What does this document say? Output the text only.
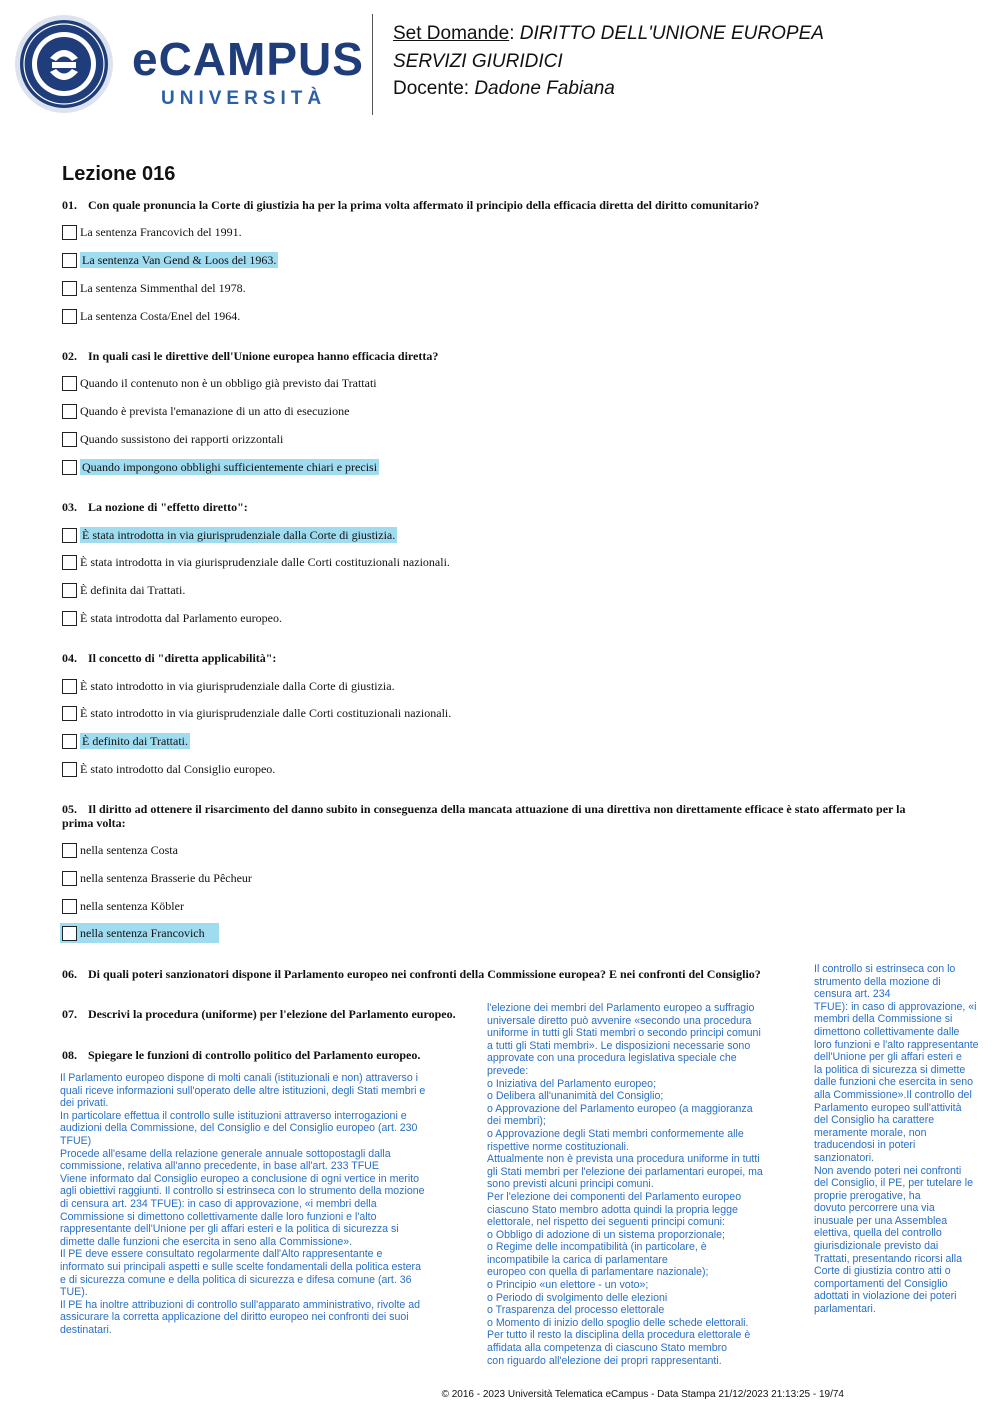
eCAMPUS
UNIVERSITÀ
Set Domande: DIRITTO DELL'UNIONE EUROPEA
SERVIZI GIURIDICI
Docente: Dadone Fabiana
Lezione 016
01. Con quale pronuncia la Corte di giustizia ha per la prima volta affermato il principio della efficacia diretta del diritto comunitario?
La sentenza Francovich del 1991.
La sentenza Van Gend & Loos del 1963.
La sentenza Simmenthal del 1978.
La sentenza Costa/Enel del 1964.
02. In quali casi le direttive dell'Unione europea hanno efficacia diretta?
Quando il contenuto non è un obbligo già previsto dai Trattati
Quando è prevista l'emanazione di un atto di esecuzione
Quando sussistono dei rapporti orizzontali
Quando impongono obblighi sufficientemente chiari e precisi
03. La nozione di "effetto diretto":
È stata introdotta in via giurisprudenziale dalla Corte di giustizia.
È stata introdotta in via giurisprudenziale dalle Corti costituzionali nazionali.
È definita dai Trattati.
È stata introdotta dal Parlamento europeo.
04. Il concetto di "diretta applicabilità":
È stato introdotto in via giurisprudenziale dalla Corte di giustizia.
È stato introdotto in via giurisprudenziale dalle Corti costituzionali nazionali.
È definito dai Trattati.
È stato introdotto dal Consiglio europeo.
05. Il diritto ad ottenere il risarcimento del danno subito in conseguenza della mancata attuazione di una direttiva non direttamente efficace è stato affermato per la prima volta:
nella sentenza Costa
nella sentenza Brasserie du Pêcheur
nella sentenza Köbler
nella sentenza Francovich
06. Di quali poteri sanzionatori dispone il Parlamento europeo nei confronti della Commissione europea? E nei confronti del Consiglio?
07. Descrivi la procedura (uniforme) per l'elezione del Parlamento europeo.
08. Spiegare le funzioni di controllo politico del Parlamento europeo.
Il Parlamento europeo dispone di molti canali (istituzionali e non) attraverso i
quali riceve informazioni sull'operato delle altre istituzioni, degli Stati membri e
dei privati.
In particolare effettua il controllo sulle istituzioni attraverso interrogazioni e
audizioni della Commissione, del Consiglio e del Consiglio europeo (art. 230
TFUE)
Procede all'esame della relazione generale annuale sottopostagli dalla
commissione, relativa all'anno precedente, in base all'art. 233 TFUE
Viene informato dal Consiglio europeo a conclusione di ogni vertice in merito
agli obiettivi raggiunti. Il controllo si estrinseca con lo strumento della mozione
di censura art. 234 TFUE): in caso di approvazione, «i membri della
Commissione si dimettono collettivamente dalle loro funzioni e l'alto
rappresentante dell'Unione per gli affari esteri e la politica di sicurezza si
dimette dalle funzioni che esercita in seno alla Commissione».
Il PE deve essere consultato regolarmente dall'Alto rappresentante e
informato sui principali aspetti e sulle scelte fondamentali della politica estera
e di sicurezza comune e della politica di sicurezza e difesa comune (art. 36
TUE).
Il PE ha inoltre attribuzioni di controllo sull'apparato amministrativo, rivolte ad
assicurare la corretta applicazione del diritto europeo nei confronti dei suoi
destinatari.
l'elezione dei membri del Parlamento europeo a suffragio
universale diretto può avvenire «secondo una procedura
uniforme in tutti gli Stati membri o secondo principi comuni
a tutti gli Stati membri». Le disposizioni necessarie sono
approvate con una procedura legislativa speciale che
prevede:
o Iniziativa del Parlamento europeo;
o Delibera all'unanimità del Consiglio;
o Approvazione del Parlamento europeo (a maggioranza
dei membri);
o Approvazione degli Stati membri conformemente alle
rispettive norme costituzionali.
Attualmente non è prevista una procedura uniforme in tutti
gli Stati membri per l'elezione dei parlamentari europei, ma
sono previsti alcuni principi comuni.
Per l'elezione dei componenti del Parlamento europeo
ciascuno Stato membro adotta quindi la propria legge
elettorale, nel rispetto dei seguenti principi comuni:
o Obbligo di adozione di un sistema proporzionale;
o Regime delle incompatibilità (in particolare, è
incompatibile la carica di parlamentare
europeo con quella di parlamentare nazionale);
o Principio «un elettore - un voto»;
o Periodo di svolgimento delle elezioni
o Trasparenza del processo elettorale
o Momento di inizio dello spoglio delle schede elettorali.
Per tutto il resto la disciplina della procedura elettorale è
affidata alla competenza di ciascuno Stato membro
con riguardo all'elezione dei propri rappresentanti.
Il controllo si estrinseca con lo
strumento della mozione di
censura art. 234
TFUE): in caso di approvazione, «i
membri della Commissione si
dimettono collettivamente dalle
loro funzioni e l'alto rappresentante
dell'Unione per gli affari esteri e
la politica di sicurezza si dimette
dalle funzioni che esercita in seno
alla Commissione».Il controllo del
Parlamento europeo sull'attività
del Consiglio ha carattere
meramente morale, non
traducendosi in poteri
sanzionatori.
Non avendo poteri nei confronti
del Consiglio, il PE, per tutelare le
proprie prerogative, ha
dovuto percorrere una via
inusuale per una Assemblea
elettiva, quella del controllo
giurisdizionale previsto dai
Trattati, presentando ricorsi alla
Corte di giustizia contro atti o
comportamenti del Consiglio
adottati in violazione dei poteri
parlamentari.
© 2016 - 2023 Università Telematica eCampus - Data Stampa 21/12/2023 21:13:25 - 19/74
